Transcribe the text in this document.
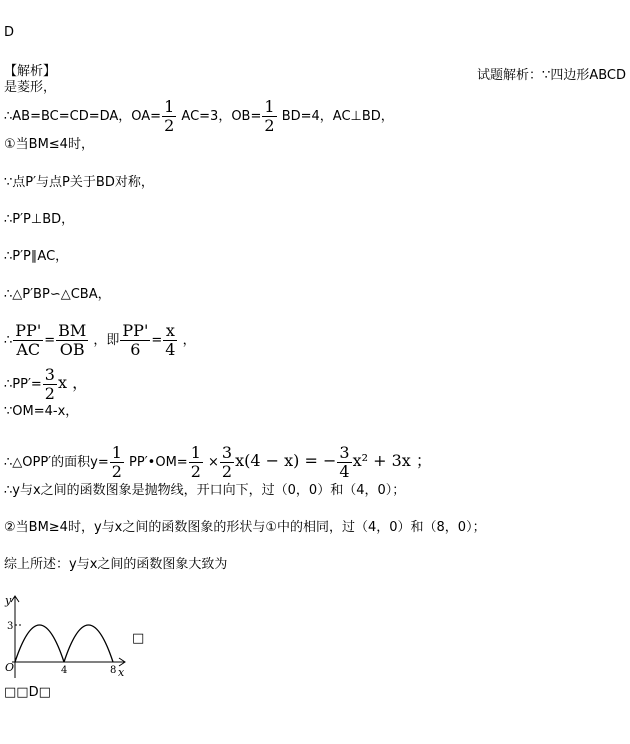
D
【解析】	试题解析：∵四边形ABCD
是菱形，
∴AB=BC=CD=DA，$OA= \frac{1}{2} AC=3$，$OB= \frac{1}{2} BD=4$，AC⊥BD，
①当BM≤4时，
∵点P′与点P关于BD对称，
∴P′P⊥BD，
∴P′P∥AC，
∴△P′BP∽△CBA，
∴ $\frac{PP'}{AC} = \frac{BM}{OB}$ ，即 $\frac{PP'}{6} = \frac{x}{4}$ ，
∴PP′= $\frac{3}{2}$ x ，
∵OM=4-x，
∴△OPP′的面积$y= \frac{1}{2}$ PP′•OM= $\frac{1}{2} \times \frac{3}{2} x(4 - x)$ = − $\frac{3}{4} x^2 + 3x$ ；
∴y与x之间的函数图象是抛物线，开口向下，过（0，0）和（4，0）；
②当BM≥4时，y与x之间的函数图象的形状与①中的相同，过（4，0）和（8，0）；
综上所述：y与x之间的函数图象大致为
y
x
O
3
4	8
□
□□D□
